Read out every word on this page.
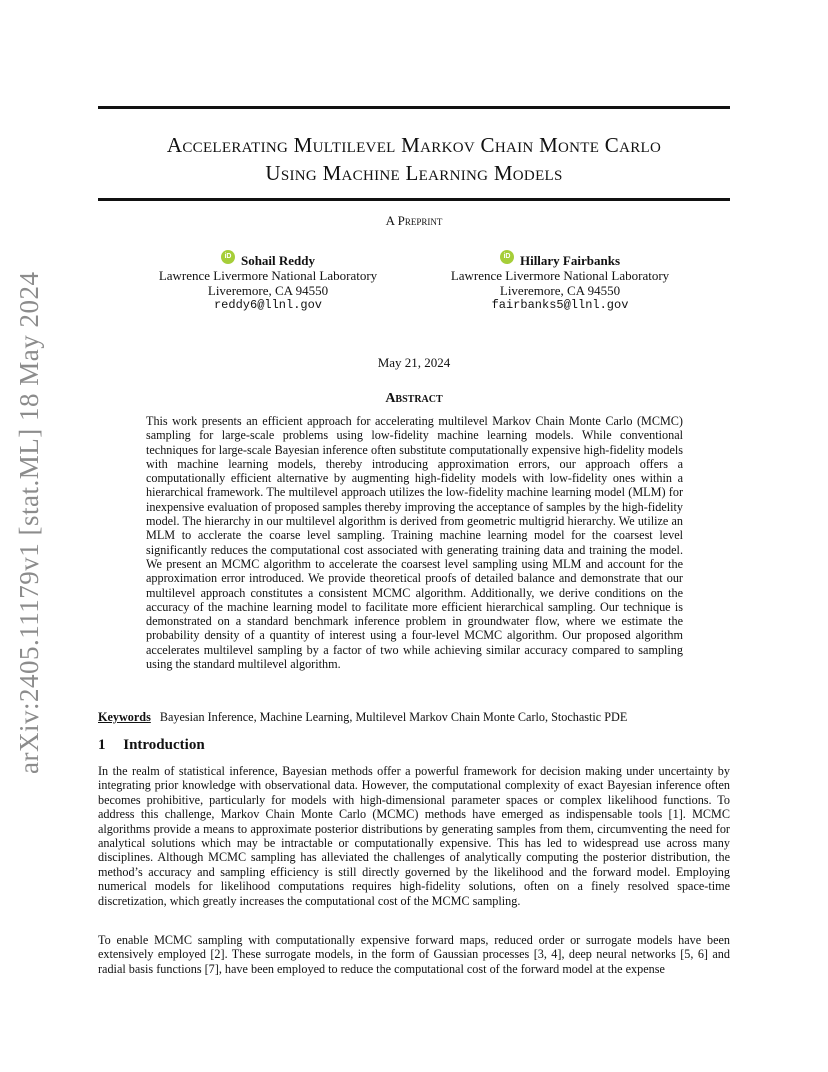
arXiv:2405.11179v1 [stat.ML] 18 May 2024
Accelerating Multilevel Markov Chain Monte Carlo
Using Machine Learning Models
A Preprint
iD Sohail Reddy
Lawrence Livermore National Laboratory
Liveremore, CA 94550
reddy6@llnl.gov
iD Hillary Fairbanks
Lawrence Livermore National Laboratory
Liveremore, CA 94550
fairbanks5@llnl.gov
May 21, 2024
Abstract

This work presents an efficient approach for accelerating multilevel Markov Chain Monte Carlo (MCMC) sampling for large-scale problems using low-fidelity machine learning models. While conventional techniques for large-scale Bayesian inference often substitute computationally expensive high-fidelity models with machine learning models, thereby introducing approximation errors, our approach offers a computationally efficient alternative by augmenting high-fidelity models with low-fidelity ones within a hierarchical framework. The multilevel approach utilizes the low-fidelity machine learning model (MLM) for inexpensive evaluation of proposed samples thereby improving the acceptance of samples by the high-fidelity model. The hierarchy in our multilevel algorithm is derived from geometric multigrid hierarchy. We utilize an MLM to acclerate the coarse level sampling. Training machine learning model for the coarsest level significantly reduces the computational cost associated with generating training data and training the model. We present an MCMC algorithm to accelerate the coarsest level sampling using MLM and account for the approximation error introduced. We provide theoretical proofs of detailed balance and demonstrate that our multilevel approach constitutes a consistent MCMC algorithm. Additionally, we derive conditions on the accuracy of the machine learning model to facilitate more efficient hierarchical sampling. Our technique is demonstrated on a standard benchmark inference problem in groundwater flow, where we estimate the probability density of a quantity of interest using a four-level MCMC algorithm. Our proposed algorithm accelerates multilevel sampling by a factor of two while achieving similar accuracy compared to sampling using the standard multilevel algorithm.

Keywords Bayesian Inference, Machine Learning, Multilevel Markov Chain Monte Carlo, Stochastic PDE
1 Introduction

In the realm of statistical inference, Bayesian methods offer a powerful framework for decision making under uncertainty by integrating prior knowledge with observational data. However, the computational complexity of exact Bayesian inference often becomes prohibitive, particularly for models with high-dimensional parameter spaces or complex likelihood functions. To address this challenge, Markov Chain Monte Carlo (MCMC) methods have emerged as indispensable tools [1]. MCMC algorithms provide a means to approximate posterior distributions by generating samples from them, circumventing the need for analytical solutions which may be intractable or computationally expensive. This has led to widespread use across many disciplines. Although MCMC sampling has alleviated the challenges of analytically computing the posterior distribution, the method’s accuracy and sampling efficiency is still directly governed by the likelihood and the forward model. Employing numerical models for likelihood computations requires high-fidelity solutions, often on a finely resolved space-time discretization, which greatly increases the computational cost of the MCMC sampling.

To enable MCMC sampling with computationally expensive forward maps, reduced order or surrogate models have been extensively employed [2]. These surrogate models, in the form of Gaussian processes [3, 4], deep neural networks [5, 6] and radial basis functions [7], have been employed to reduce the computational cost of the forward model at the expense
